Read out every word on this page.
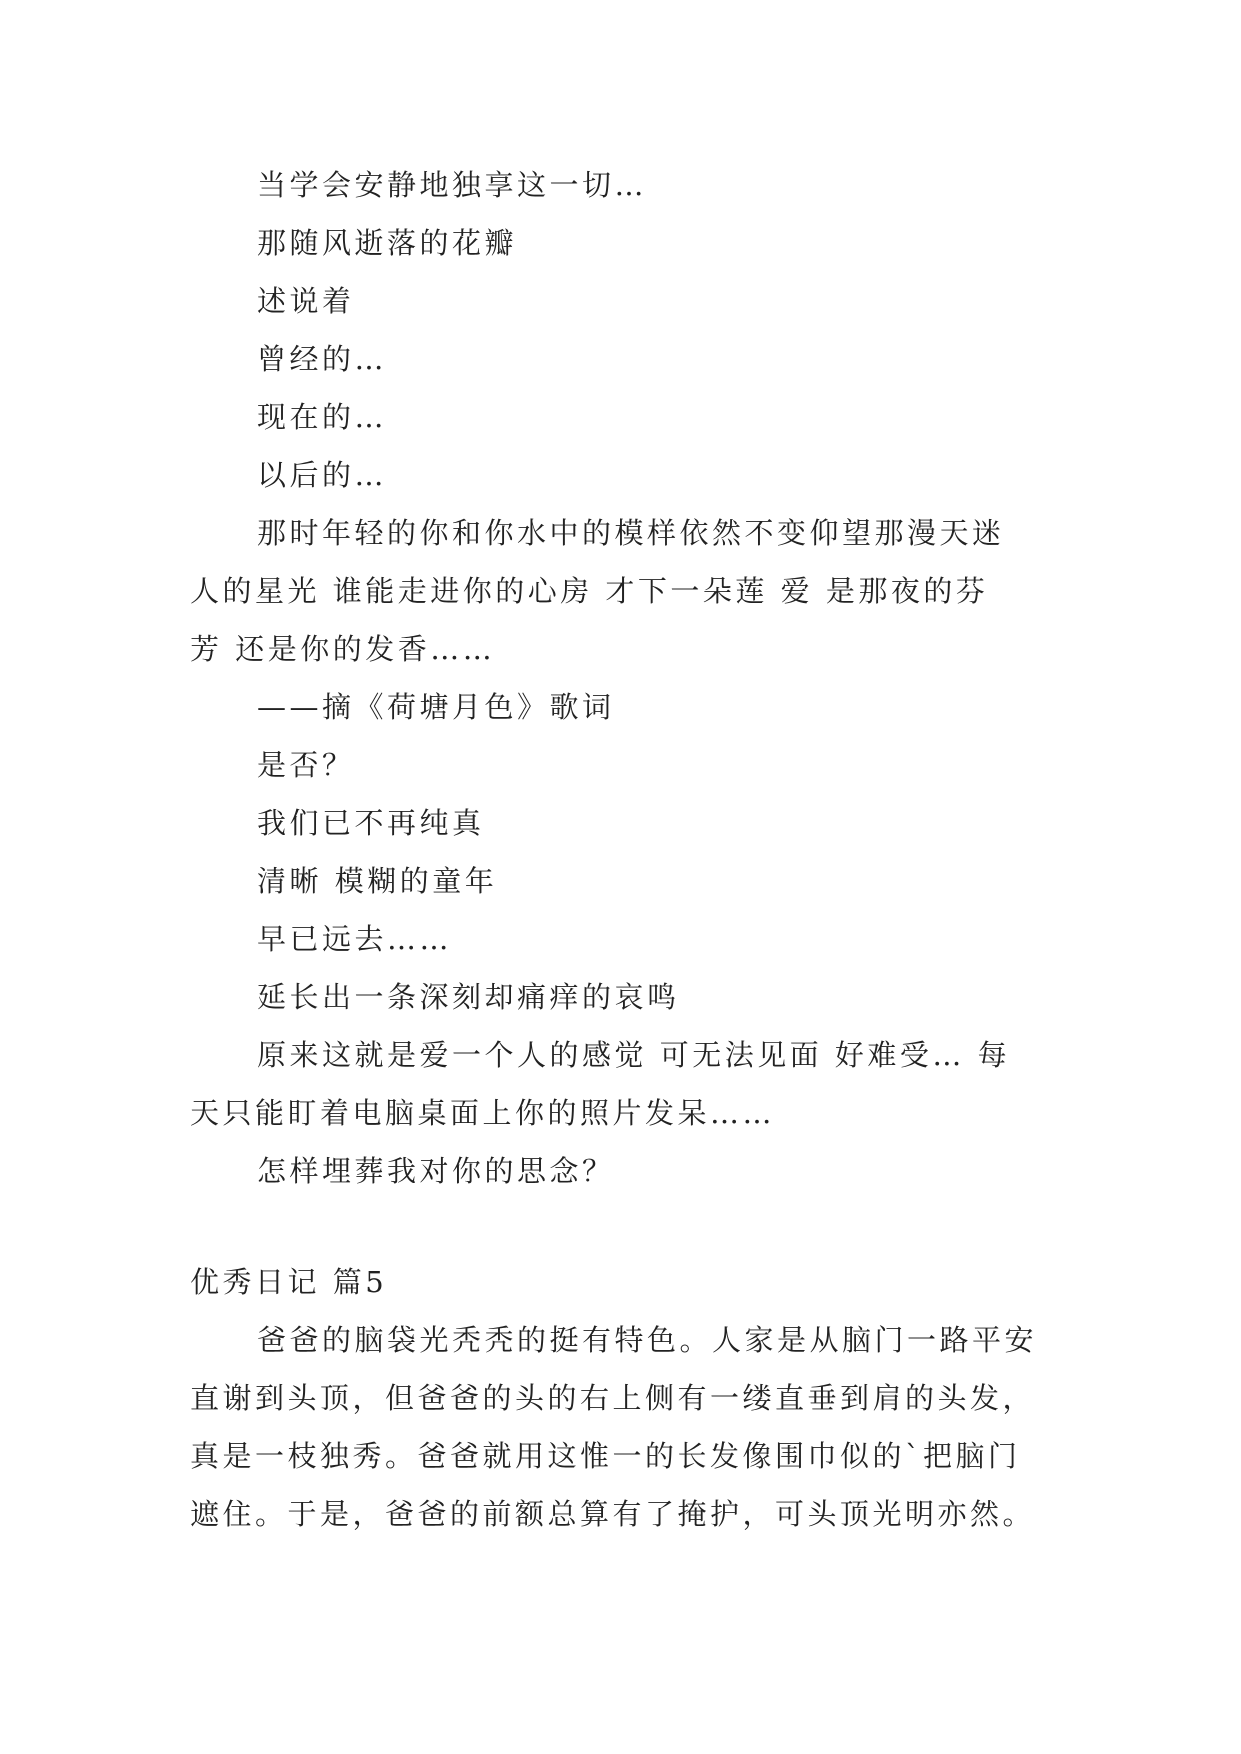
当学会安静地独享这一切…

那随风逝落的花瓣

述说着

曾经的…

现在的…

以后的…

那时年轻的你和你水中的模样依然不变仰望那漫天迷

人的星光 谁能走进你的心房 才下一朵莲 爱 是那夜的芬

芳 还是你的发香……

——摘《荷塘月色》歌词

是否？

我们已不再纯真

清晰 模糊的童年

早已远去……

延长出一条深刻却痛痒的哀鸣

原来这就是爱一个人的感觉 可无法见面 好难受… 每

天只能盯着电脑桌面上你的照片发呆……

怎样埋葬我对你的思念？

优秀日记 篇5

爸爸的脑袋光秃秃的挺有特色。人家是从脑门一路平安

直谢到头顶，但爸爸的头的右上侧有一缕直垂到肩的头发，

真是一枝独秀。爸爸就用这惟一的长发像围巾似的`把脑门

遮住。于是，爸爸的前额总算有了掩护，可头顶光明亦然。
